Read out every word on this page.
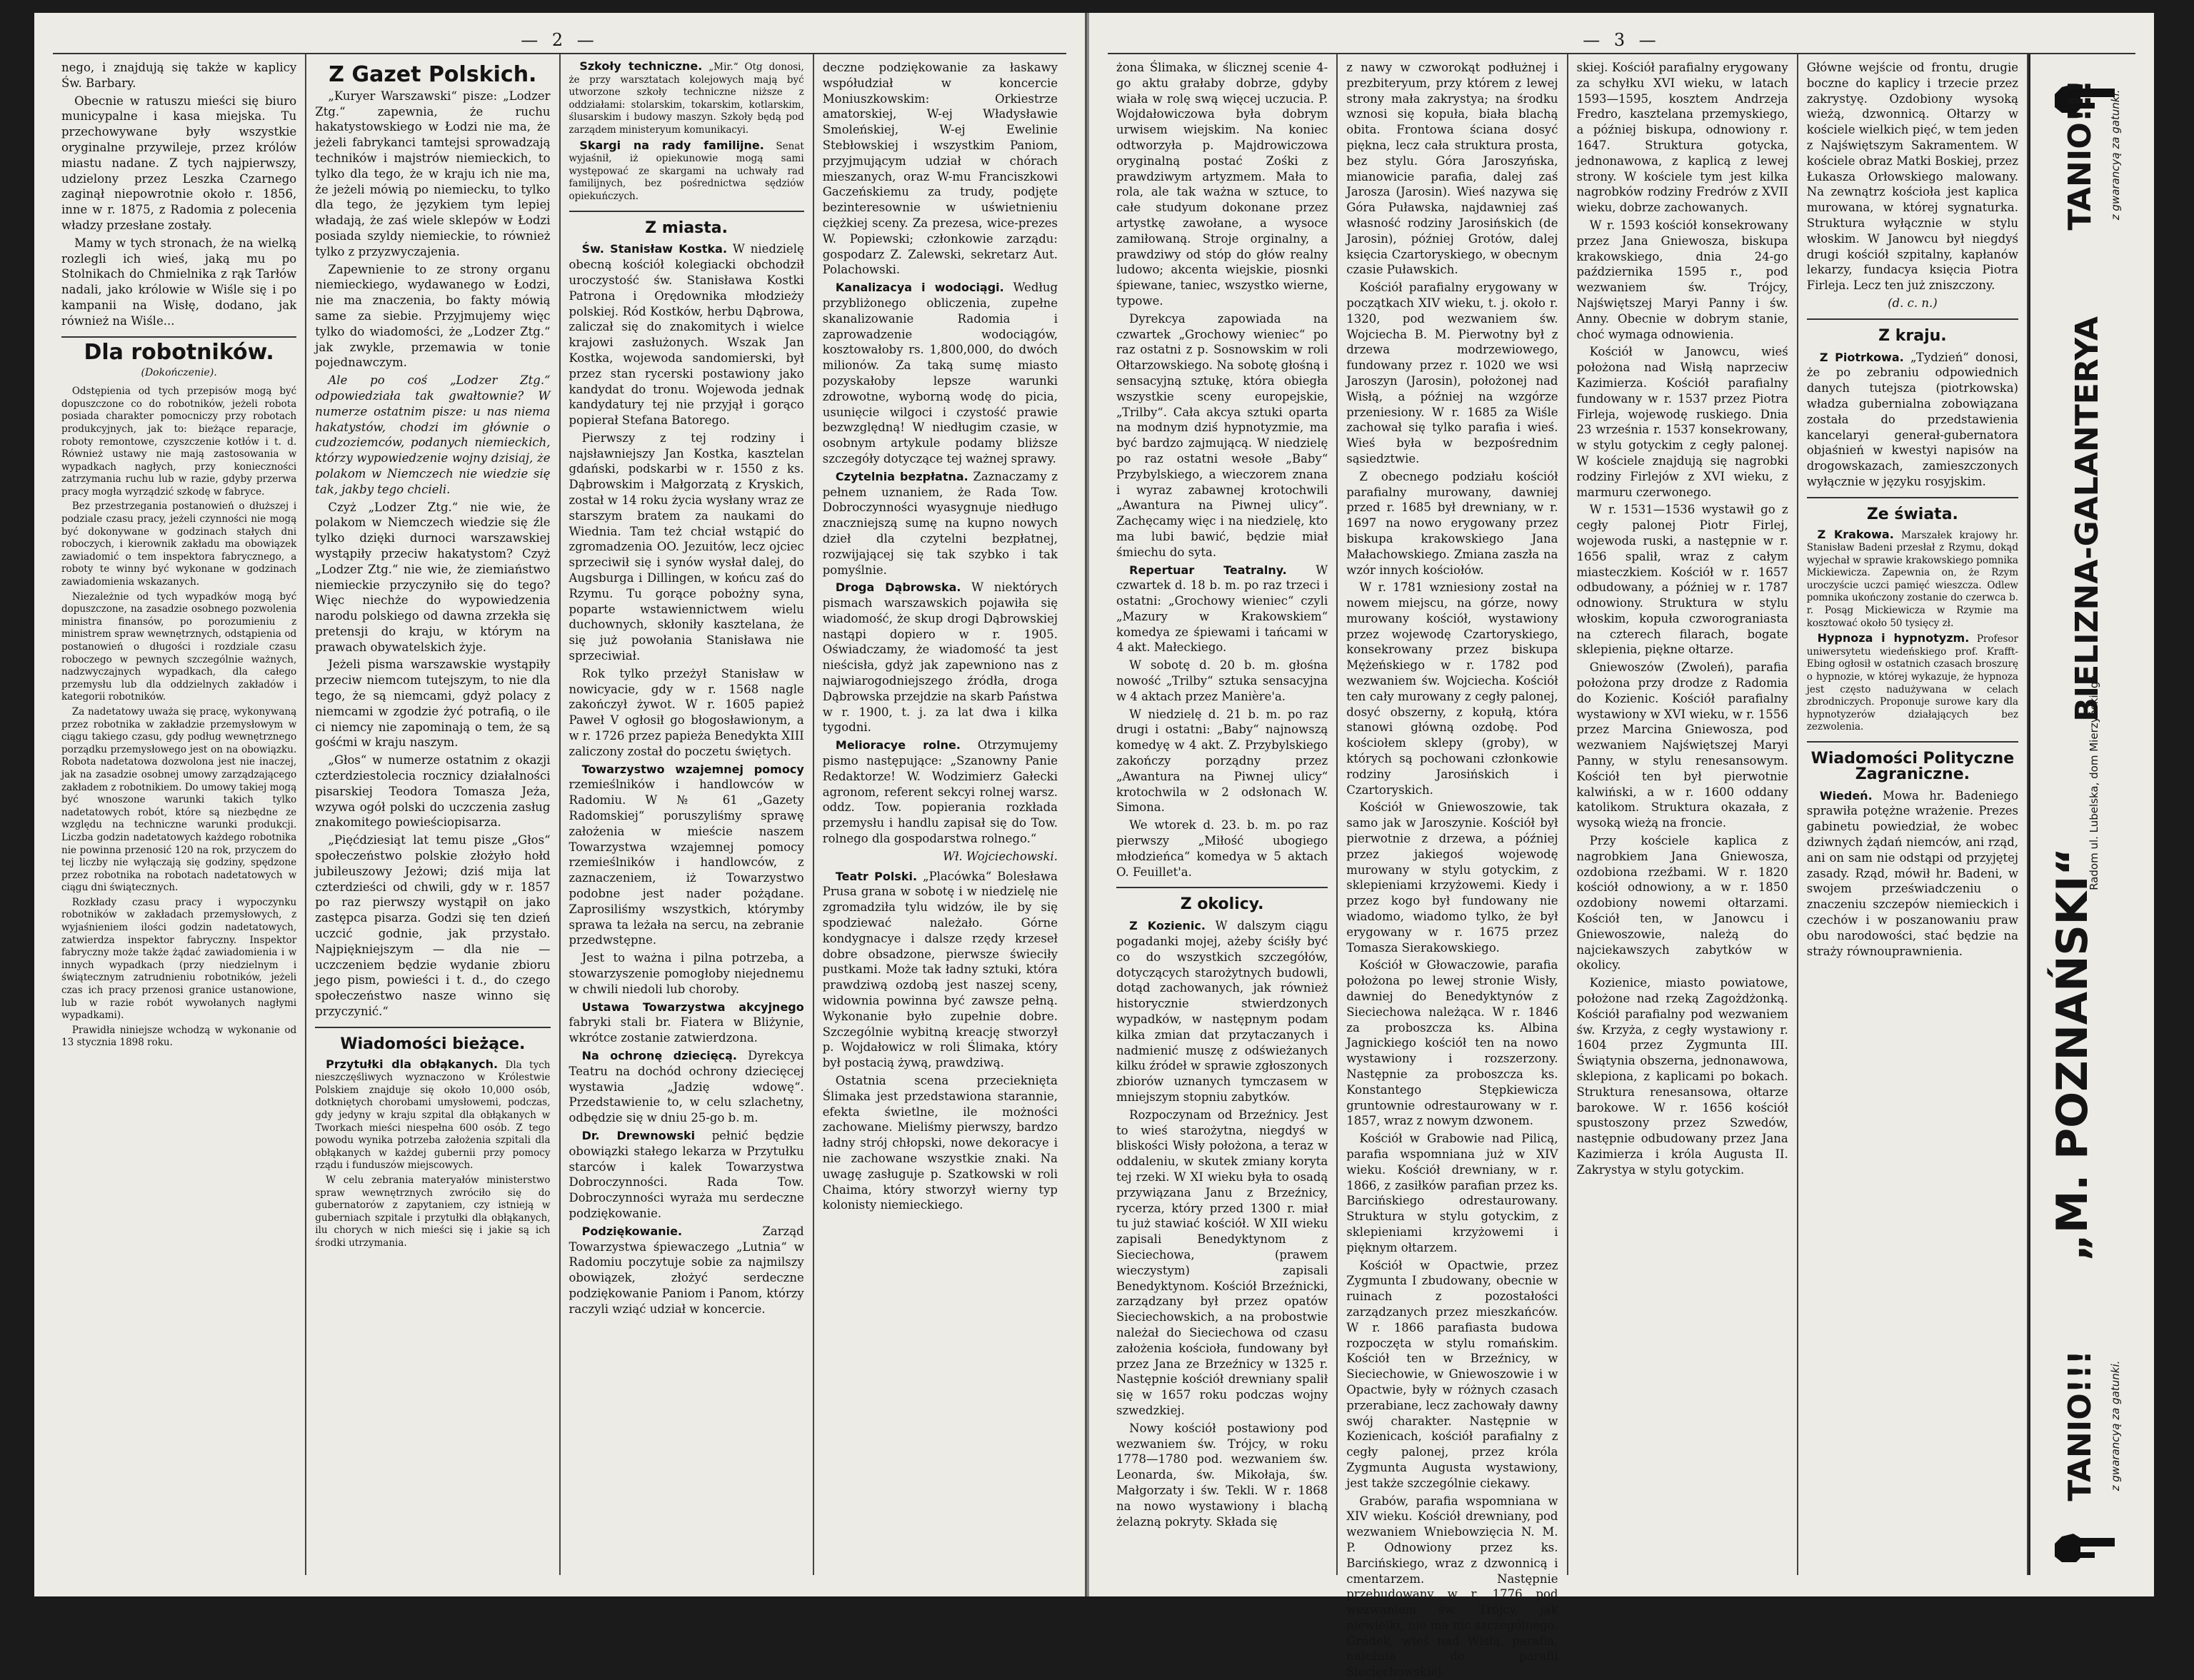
— 2 —

nego, i znajdują się także w kaplicy Św. Barbary.

Obecnie w ratuszu mieści się biuro municypalne i kasa miejska. Tu przechowywane były wszystkie oryginalne przywileje, przez królów miastu nadane. Z tych najpierwszy, udzielony przez Leszka Czarnego zaginął niepowrotnie około r. 1856, inne w r. 1875, z Radomia z polecenia władzy przesłane zostały.

Mamy w tych stronach, że na wielką rozlegli ich wieś, jaką mu po Stolnikach do Chmielnika z rąk Tarłów nadali, jako królowie w Wiśle się i po kampanii na Wisłę, dodano, jak również na Wiśle...

Dla robotników.
(Dokończenie).

Odstępienia od tych przepisów mogą być dopuszczone co do robotników, jeżeli robota posiada charakter pomocniczy przy robotach produkcyjnych, jak to: bieżące reparacje, roboty remontowe, czyszczenie kotłów i t. d. Również ustawy nie mają zastosowania w wypadkach nagłych, przy konieczności zatrzymania ruchu lub w razie, gdyby przerwa pracy mogła wyrządzić szkodę w fabryce.

Bez przestrzegania postanowień o dłuższej i podziale czasu pracy, jeżeli czynności nie mogą być dokonywane w godzinach stałych dni roboczych, i kierownik zakładu ma obowiązek zawiadomić o tem inspektora fabrycznego, a roboty te winny być wykonane w godzinach zawiadomienia wskazanych.

Niezależnie od tych wypadków mogą być dopuszczone, na zasadzie osobnego pozwolenia ministra finansów, po porozumieniu z ministrem spraw wewnętrznych, odstąpienia od postanowień o długości i rozdziale czasu roboczego w pewnych szczególnie ważnych, nadzwyczajnych wypadkach, dla całego przemysłu lub dla oddzielnych zakładów i kategorii robotników.

Za nadetatowy uważa się pracę, wykonywaną przez robotnika w zakładzie przemysłowym w ciągu takiego czasu, gdy podług wewnętrznego porządku przemysłowego jest on na obowiązku. Robota nadetatowa dozwolona jest nie inaczej, jak na zasadzie osobnej umowy zarządzającego zakładem z robotnikiem. Do umowy takiej mogą być wnoszone warunki takich tylko nadetatowych robót, które są niezbędne ze względu na techniczne warunki produkcji. Liczba godzin nadetatowych każdego robotnika nie powinna przenosić 120 na rok, przyczem do tej liczby nie wyłączają się godziny, spędzone przez robotnika na robotach nadetatowych w ciągu dni świątecznych.

Rozkłady czasu pracy i wypoczynku robotników w zakładach przemysłowych, z wyjaśnieniem ilości godzin nadetatowych, zatwierdza inspektor fabryczny. Inspektor fabryczny może także żądać zawiadomienia i w innych wypadkach (przy niedzielnym i świątecznym zatrudnieniu robotników, jeżeli czas ich pracy przenosi granice ustanowione, lub w razie robót wywołanych nagłymi wypadkami).

Prawidła niniejsze wchodzą w wykonanie od 13 stycznia 1898 roku.

Z Gazet Polskich.

„Kuryer Warszawski“ pisze: „Lodzer Ztg.“ zapewnia, że ruchu hakatystowskiego w Łodzi nie ma, że jeżeli fabrykanci tamtejsi sprowadzają techników i majstrów niemieckich, to tylko dla tego, że w kraju ich nie ma, że jeżeli mówią po niemiecku, to tylko dla tego, że językiem tym lepiej władają, że zaś wiele sklepów w Łodzi posiada szyldy niemieckie, to również tylko z przyzwyczajenia.

Zapewnienie to ze strony organu niemieckiego, wydawanego w Łodzi, nie ma znaczenia, bo fakty mówią same za siebie. Przyjmujemy więc tylko do wiadomości, że „Lodzer Ztg.“ jak zwykle, przemawia w tonie pojednawczym.

Ale po coś „Lodzer Ztg.“ odpowiedziała tak gwałtownie? W numerze ostatnim pisze: u nas niema hakatystów, chodzi im głównie o cudzoziemców, podanych niemieckich, którzy wypowiedzenie wojny dzisiaj, że polakom w Niemczech nie wiedzie się tak, jakby tego chcieli.

Czyż „Lodzer Ztg.“ nie wie, że polakom w Niemczech wiedzie się źle tylko dzięki durnoci warszawskiej wystąpiły przeciw hakatystom? Czyż „Lodzer Ztg.“ nie wie, że ziemiaństwo niemieckie przyczyniło się do tego? Więc niechże do wypowiedzenia narodu polskiego od dawna zrzekła się pretensji do kraju, w którym na prawach obywatelskich żyje.

Jeżeli pisma warszawskie wystąpiły przeciw niemcom tutejszym, to nie dla tego, że są niemcami, gdyż polacy z niemcami w zgodzie żyć potrafią, o ile ci niemcy nie zapominają o tem, że są gośćmi w kraju naszym.

„Głos“ w numerze ostatnim z okazji czterdziestolecia rocznicy działalności pisarskiej Teodora Tomasza Jeża, wzywa ogół polski do uczczenia zasług znakomitego powieściopisarza.

„Pięćdziesiąt lat temu pisze „Głos“ społeczeństwo polskie złożyło hołd jubileuszowy Jeżowi; dziś mija lat czterdzieści od chwili, gdy w r. 1857 po raz pierwszy wystąpił on jako zastępca pisarza. Godzi się ten dzień uczcić godnie, jak przystało. Najpiękniejszym — dla nie — uczczeniem będzie wydanie zbioru jego pism, powieści i t. d., do czego społeczeństwo nasze winno się przyczynić.“

Wiadomości bieżące.

Przytułki dla obłąkanych. Dla tych nieszczęśliwych wyznaczono w Królestwie Polskiem znajduje się około 10,000 osób, dotkniętych chorobami umysłowemi, podczas, gdy jedyny w kraju szpital dla obłąkanych w Tworkach mieści niespełna 600 osób. Z tego powodu wynika potrzeba założenia szpitali dla obłąkanych w każdej gubernii przy pomocy rządu i funduszów miejscowych.

W celu zebrania materyałów ministerstwo spraw wewnętrznych zwróciło się do gubernatorów z zapytaniem, czy istnieją w guberniach szpitale i przytułki dla obłąkanych, ilu chorych w nich mieści się i jakie są ich środki utrzymania.

Szkoły techniczne. „Mir.“ Otg donosi, że przy warsztatach kolejowych mają być utworzone szkoły techniczne niższe z oddziałami: stolarskim, tokarskim, kotlarskim, ślusarskim i budowy maszyn. Szkoły będą pod zarządem ministeryum komunikacyi.

Skargi na rady familijne. Senat wyjaśnił, iż opiekunowie mogą sami występować ze skargami na uchwały rad familijnych, bez pośrednictwa sędziów opiekuńczych.

Z miasta.

Św. Stanisław Kostka. W niedzielę obecną kościół kolegiacki obchodził uroczystość św. Stanisława Kostki Patrona i Orędownika młodzieży polskiej. Ród Kostków, herbu Dąbrowa, zaliczał się do znakomitych i wielce krajowi zasłużonych. Wszak Jan Kostka, wojewoda sandomierski, był przez stan rycerski postawiony jako kandydat do tronu. Wojewoda jednak kandydatury tej nie przyjął i gorąco popierał Stefana Batorego.

Pierwszy z tej rodziny i najsławniejszy Jan Kostka, kasztelan gdański, podskarbi w r. 1550 z ks. Dąbrowskim i Małgorzatą z Kryskich, został w 14 roku życia wysłany wraz ze starszym bratem za naukami do Wiednia. Tam też chciał wstąpić do zgromadzenia OO. Jezuitów, lecz ojciec sprzeciwił się i synów wysłał dalej, do Augsburga i Dillingen, w końcu zaś do Rzymu. Tu gorące pobożny syna, poparte wstawiennictwem wielu duchownych, skłoniły kasztelana, że się już powołania Stanisława nie sprzeciwiał.

Rok tylko przeżył Stanisław w nowicyacie, gdy w r. 1568 nagle zakończył żywot. W r. 1605 papież Paweł V ogłosił go błogosławionym, a w r. 1726 przez papieża Benedykta XIII zaliczony został do poczetu świętych.

Towarzystwo wzajemnej pomocy rzemieślników i handlowców w Radomiu. W № 61 „Gazety Radomskiej“ poruszyliśmy sprawę założenia w mieście naszem Towarzystwa wzajemnej pomocy rzemieślników i handlowców, z zaznaczeniem, iż Towarzystwo podobne jest nader pożądane. Zaprosiliśmy wszystkich, którymby sprawa ta leżała na sercu, na zebranie przedwstępne.

Jest to ważna i pilna potrzeba, a stowarzyszenie pomogłoby niejednemu w chwili niedoli lub choroby.

Ustawa Towarzystwa akcyjnego fabryki stali br. Fiatera w Bliżynie, wkrótce zostanie zatwierdzona.

Na ochronę dziecięcą. Dyrekcya Teatru na dochód ochrony dziecięcej wystawia „Jadzię wdowę“. Przedstawienie to, w celu szlachetny, odbędzie się w dniu 25-go b. m.

Dr. Drewnowski pełnić będzie obowiązki stałego lekarza w Przytułku starców i kalek Towarzystwa Dobroczynności. Rada Tow. Dobroczynności wyraża mu serdeczne podziękowanie.

Podziękowanie.	Zarząd Towarzystwa śpiewaczego „Lutnia“ w Radomiu poczytuje sobie za najmilszy obowiązek, złożyć serdeczne podziękowanie Paniom i Panom, którzy raczyli wziąć udział w koncercie.

deczne podziękowanie za łaskawy współudział w koncercie Moniuszkowskim: Orkiestrze amatorskiej, W-ej Władysławie Smoleńskiej, W-ej Ewelinie Stebłowskiej i wszystkim Paniom, przyjmującym udział w chórach mieszanych, oraz W-mu Franciszkowi Gaczeńskiemu za trudy, podjęte bezinteresownie w uświetnieniu ciężkiej sceny. Za prezesa, wice-prezes W. Popiewski; członkowie zarządu: gospodarz Z. Zalewski, sekretarz Aut. Polachowski.

Kanalizacya i wodociągi. Według przybliżonego obliczenia, zupełne skanalizowanie Radomia i zaprowadzenie wodociągów, kosztowałoby rs. 1,800,000, do dwóch milionów. Za taką sumę miasto pozyskałoby lepsze warunki zdrowotne, wyborną wodę do picia, usunięcie wilgoci i czystość prawie bezwzględną! W niedługim czasie, w osobnym artykule podamy bliższe szczegóły dotyczące tej ważnej sprawy.

Czytelnia bezpłatna. Zaznaczamy z pełnem uznaniem, że Rada Tow. Dobroczynności wyasygnuje niedługo znaczniejszą sumę na kupno nowych dzieł dla czytelni bezpłatnej, rozwijającej się tak szybko i tak pomyślnie.

Droga Dąbrowska. W niektórych pismach warszawskich pojawiła się wiadomość, że skup drogi Dąbrowskiej nastąpi dopiero w r. 1905. Oświadczamy, że wiadomość ta jest nieścisła, gdyż jak zapewniono nas z najwiarogodniejszego źródła, droga Dąbrowska przejdzie na skarb Państwa w r. 1900, t. j. za lat dwa i kilka tygodni.

Melioracye rolne. Otrzymujemy pismo następujące: „Szanowny Panie Redaktorze! W. Wodzimierz Gałecki agronom, referent sekcyi rolnej warsz. oddz. Tow. popierania rozkłada przemysłu i handlu zapisał się do Tow. rolnego dla gospodarstwa rolnego.“

Wł. Wojciechowski.

Teatr Polski. „Placówka“ Bolesława Prusa grana w sobotę i w niedzielę nie zgromadziła tylu widzów, ile by się spodziewać należało. Górne kondygnacye i dalsze rzędy krzeseł dobre obsadzone, pierwsze świeciły pustkami. Może tak ładny sztuki, która prawdziwą ozdobą jest naszej sceny, widownia powinna być zawsze pełną. Wykonanie było zupełnie dobre. Szczególnie wybitną kreację stworzył p. Wojdałowicz w roli Ślimaka, który był postacią żywą, prawdziwą.

Ostatnia scena przecieknięta Ślimaka jest przedstawiona starannie, efekta świetlne, ile możności zachowane. Mieliśmy pierwszy, bardzo ładny strój chłopski, nowe dekoracye i nie zachowane wszystkie znaki. Na uwagę zasługuje p. Szatkowski w roli Chaima, który stworzył wierny typ kolonisty niemieckiego.

— 3 —

żona Ślimaka, w ślicznej scenie 4-go aktu grałaby dobrze, gdyby wiała w rolę swą więcej uczucia. P. Wojdałowiczowa była dobrym urwisem wiejskim. Na koniec odtworzyła p. Majdrowiczowa oryginalną postać Zośki z prawdziwym artyzmem. Mała to rola, ale tak ważna w sztuce, to całe studyum dokonane przez artystkę zawołane, a wysoce zamiłowaną. Stroje orginalny, a prawdziwy od stóp do głów realny ludowo; akcenta wiejskie, piosnki śpiewane, taniec, wszystko wierne, typowe.

Dyrekcya zapowiada na czwartek „Grochowy wieniec“ po raz ostatni z p. Sosnowskim w roli Ołtarzowskiego. Na sobotę głośną i sensacyjną sztukę, która obiegła wszystkie sceny europejskie, „Trilby“. Cała akcya sztuki oparta na modnym dziś hypnotyzmie, ma być bardzo zajmującą. W niedzielę po raz ostatni wesołe „Baby“ Przybylskiego, a wieczorem znana i wyraz zabawnej krotochwili „Awantura na Piwnej ulicy“. Zachęcamy więc i na niedzielę, kto ma lubi bawić, będzie miał śmiechu do syta.

Repertuar Teatralny. W czwartek d. 18 b. m. po raz trzeci i ostatni: „Grochowy wieniec“ czyli „Mazury w Krakowskiem“ komedya ze śpiewami i tańcami w 4 akt. Małeckiego.

W sobotę d. 20 b. m. głośna nowość „Trilby“ sztuka sensacyjna w 4 aktach przez Manière'a.

W niedzielę d. 21 b. m. po raz drugi i ostatni: „Baby“ najnowszą komedyę w 4 akt. Z. Przybylskiego zakończy porządny przez „Awantura na Piwnej ulicy“ krotochwila w 2 odsłonach W. Simona.

We wtorek d. 23. b. m. po raz pierwszy „Miłość ubogiego młodzieńca“ komedya w 5 aktach O. Feuillet'a.

Z okolicy.

Z Kozienic. W dalszym ciągu pogadanki mojej, ażeby ściśły być co do wszystkich szczegółów, dotyczących starożytnych budowli, dotąd zachowanych, jak również historycznie stwierdzonych wypadków, w następnym podam kilka zmian dat przytaczanych i nadmienić muszę z odświeżanych kilku źródeł w sprawie zgłoszonych zbiorów uznanych tymczasem w mniejszym stopniu zabytków.

Rozpoczynam od Brzeźnicy. Jest to wieś starożytna, niegdyś w bliskości Wisły położona, a teraz w oddaleniu, w skutek zmiany koryta tej rzeki. W XI wieku była to osadą przywiązana Janu z Brzeźnicy, rycerza, który przed 1300 r. miał tu już stawiać kościół. W XII wieku zapisali Benedyktynom z Sieciechowa, (prawem wieczystym) zapisali Benedyktynom. Kościół Brzeźnicki, zarządzany był przez opatów Sieciechowskich, a na probostwie należał do Sieciechowa od czasu założenia kościoła, fundowany był przez Jana ze Brzeźnicy w 1325 r. Następnie kościół drewniany spalił się w 1657 roku podczas wojny szwedzkiej.

Nowy kościół postawiony pod wezwaniem św. Trójcy, w roku 1778—1780 pod. wezwaniem św. Leonarda, św. Mikołaja, św. Małgorzaty i św. Tekli. W r. 1868 na nowo wystawiony i blachą żelazną pokryty. Składa się

z nawy w czworokąt podłużnej i prezbiteryum, przy którem z lewej strony mała zakrystya; na środku wznosi się kopuła, biała blachą obita. Frontowa ściana dosyć piękna, lecz cała struktura prosta, bez stylu. Góra Jaroszyńska, mianowicie parafia, dalej zaś Jarosza (Jarosin). Wieś nazywa się Góra Puławska, najdawniej zaś własność rodziny Jarosińskich (de Jarosin), później Grotów, dalej księcia Czartoryskiego, w obecnym czasie Puławskich.

Kościół parafialny erygowany w początkach XIV wieku, t. j. około r. 1320, pod wezwaniem św. Wojciecha B. M. Pierwotny był z drzewa modrzewiowego, fundowany przez r. 1020 we wsi Jaroszyn (Jarosin), położonej nad Wisłą, a później na wzgórze przeniesiony. W r. 1685 za Wiśle zachował się tylko parafia i wieś. Wieś była w bezpośrednim sąsiedztwie.

Z obecnego podziału kościół parafialny murowany, dawniej przed r. 1685 był drewniany, w r. 1697 na nowo erygowany przez biskupa krakowskiego Jana Małachowskiego. Zmiana zaszła na wzór innych kościołów.

W r. 1781 wzniesiony został na nowem miejscu, na górze, nowy murowany kościół, wystawiony przez wojewodę Czartoryskiego, konsekrowany przez biskupa Mężeńskiego w r. 1782 pod wezwaniem św. Wojciecha. Kościół ten cały murowany z cegły palonej, dosyć obszerny, z kopułą, która stanowi główną ozdobę. Pod kościołem sklepy (groby), w których są pochowani członkowie rodziny Jarosińskich i Czartoryskich.

Kościół w Gniewoszowie, tak samo jak w Jaroszynie. Kościół był pierwotnie z drzewa, a później przez jakiegoś wojewodę murowany w stylu gotyckim, z sklepieniami krzyżowemi. Kiedy i przez kogo był fundowany nie wiadomo, wiadomo tylko, że był erygowany w r. 1675 przez Tomasza Sierakowskiego.

Kościół w Głowaczowie, parafia położona po lewej stronie Wisły, dawniej do Benedyktynów z Sieciechowa należąca. W r. 1846 za proboszcza ks. Albina Jagnickiego kościół ten na nowo wystawiony i rozszerzony. Następnie za proboszcza ks. Konstantego Stępkiewicza gruntownie odrestaurowany w r. 1857, wraz z nowym dzwonem.

Kościół w Grabowie nad Pilicą, parafia wspomniana już w XIV wieku. Kościół drewniany, w r. 1866, z zasiłków parafian przez ks. Barcińskiego odrestaurowany. Struktura w stylu gotyckim, z sklepieniami krzyżowemi i pięknym ołtarzem.

Kościół w Opactwie, przez Zygmunta I zbudowany, obecnie w ruinach z pozostałości zarządzanych przez mieszkańców. W r. 1866 parafiasta budowa rozpoczęta w stylu romańskim. Kościół ten w Brzeźnicy, w Sieciechowie, w Gniewoszowie i w Opactwie, były w różnych czasach przerabiane, lecz zachowały dawny swój charakter. Następnie w Kozienicach, kościół parafialny z cegły palonej, przez króla Zygmunta Augusta wystawiony, jest także szczególnie ciekawy.

Grabów, parafia wspomniana w XIV wieku. Kościół drewniany, pod wezwaniem Wniebowzięcia N. M. P. Odnowiony przez ks. Barcińskiego, wraz z dzwonnicą i cmentarzem. Następnie przebudowany w r. 1776 pod wezwaniem św. Trójcy, jak niewielki, nie ma nic szczególnego. Gródek, wieś nad Wisłą, parafia, należała do parafii Sieciechowskiej.

skiej. Kościół parafialny erygowany za schyłku XVI wieku, w latach 1593—1595, kosztem Andrzeja Fredro, kasztelana przemyskiego, a później biskupa, odnowiony r. 1647. Struktura gotycka, jednonawowa, z kaplicą z lewej strony. W kościele tym jest kilka nagrobków rodziny Fredrów z XVII wieku, dobrze zachowanych.

W r. 1593 kościół konsekrowany przez Jana Gniewosza, biskupa krakowskiego, dnia 24-go października 1595 r., pod wezwaniem św. Trójcy, Najświętszej Maryi Panny i św. Anny. Obecnie w dobrym stanie, choć wymaga odnowienia.

Kościół w Janowcu, wieś położona nad Wisłą naprzeciw Kazimierza. Kościół parafialny fundowany w r. 1537 przez Piotra Firleja, wojewodę ruskiego. Dnia 23 września r. 1537 konsekrowany, w stylu gotyckim z cegły palonej. W kościele znajdują się nagrobki rodziny Firlejów z XVI wieku, z marmuru czerwonego.

W r. 1531—1536 wystawił go z cegły palonej Piotr Firlej, wojewoda ruski, a następnie w r. 1656 spalił, wraz z całym miasteczkiem. Kościół w r. 1657 odbudowany, a później w r. 1787 odnowiony. Struktura w stylu włoskim, kopuła czworograniasta na czterech filarach, bogate sklepienia, piękne ołtarze.

Gniewoszów (Zwoleń), parafia położona przy drodze z Radomia do Kozienic. Kościół parafialny wystawiony w XVI wieku, w r. 1556 przez Marcina Gniewosza, pod wezwaniem Najświętszej Maryi Panny, w stylu renesansowym. Kościół ten był pierwotnie kalwiński, a w r. 1600 oddany katolikom. Struktura okazała, z wysoką wieżą na froncie.

Przy kościele kaplica z nagrobkiem Jana Gniewosza, ozdobiona rzeźbami. W r. 1820 kościół odnowiony, a w r. 1850 ozdobiony nowemi ołtarzami. Kościół ten, w Janowcu i Gniewoszowie, należą do najciekawszych zabytków w okolicy.

Kozienice, miasto powiatowe, położone nad rzeką Zagożdżonką. Kościół parafialny pod wezwaniem św. Krzyża, z cegły wystawiony r. 1604 przez Zygmunta III. Świątynia obszerna, jednonawowa, sklepiona, z kaplicami po bokach. Struktura renesansowa, ołtarze barokowe. W r. 1656 kościół spustoszony przez Szwedów, następnie odbudowany przez Jana Kazimierza i króla Augusta II. Zakrystya w stylu gotyckim.

Główne wejście od frontu, drugie boczne do kaplicy i trzecie przez zakrystyę. Ozdobiony wysoką wieżą, dzwonnicą. Ołtarzy w kościele wielkich pięć, w tem jeden z Najświętszym Sakramentem. W kościele obraz Matki Boskiej, przez Łukasza Orłowskiego malowany. Na zewnątrz kościoła jest kaplica murowana, w której sygnaturka. Struktura wyłącznie w stylu włoskim. W Janowcu był niegdyś drugi kościół szpitalny, kapłanów lekarzy, fundacya księcia Piotra Firleja. Lecz ten już zniszczony.

(d. c. n.)
Z kraju.

Z Piotrkowa. „Tydzień“ donosi, że po zebraniu odpowiednich danych tutejsza (piotrkowska) władza gubernialna zobowiązana została do przedstawienia kancelaryi generał-gubernatora objaśnień w kwestyi napisów na drogowskazach, zamieszczonych wyłącznie w języku rosyjskim.

Ze świata.

Z Krakowa. Marszałek krajowy hr. Stanisław Badeni przesłał z Rzymu, dokąd wyjechał w sprawie krakowskiego pomnika Mickiewicza. Zapewnia on, że Rzym uroczyście uczci pamięć wieszcza. Odlew pomnika ukończony zostanie do czerwca b. r. Posąg Mickiewicza w Rzymie ma kosztować około 50 tysięcy zł.

Hypnoza i hypnotyzm. Profesor uniwersytetu wiedeńskiego prof. Krafft-Ebing ogłosił w ostatnich czasach broszurę o hypnozie, w której wykazuje, że hypnoza jest często nadużywana w celach zbrodniczych. Proponuje surowe kary dla hypnotyzerów działających bez zezwolenia.

Wiadomości Polityczne
Zagraniczne.

Wiedeń. Mowa hr. Badeniego sprawiła potężne wrażenie. Prezes gabinetu powiedział, że wobec dziwnych żądań niemców, ani rząd, ani on sam nie odstąpi od przyjętej zasady. Rząd, mówił hr. Badeni, w swojem przeświadczeniu o znaczeniu szczepów niemieckich i czechów i w poszanowaniu praw obu narodowości, stać będzie na straży równouprawnienia.

TANIO!!! z gwarancyą za gatunki.
BIELIZNA-GALANTERYA
Radom ul. Lubelska, dom Mierzyńskiego.
„M. POZNAŃSKI“
TANIO!!! z gwarancyą za gatunki.
